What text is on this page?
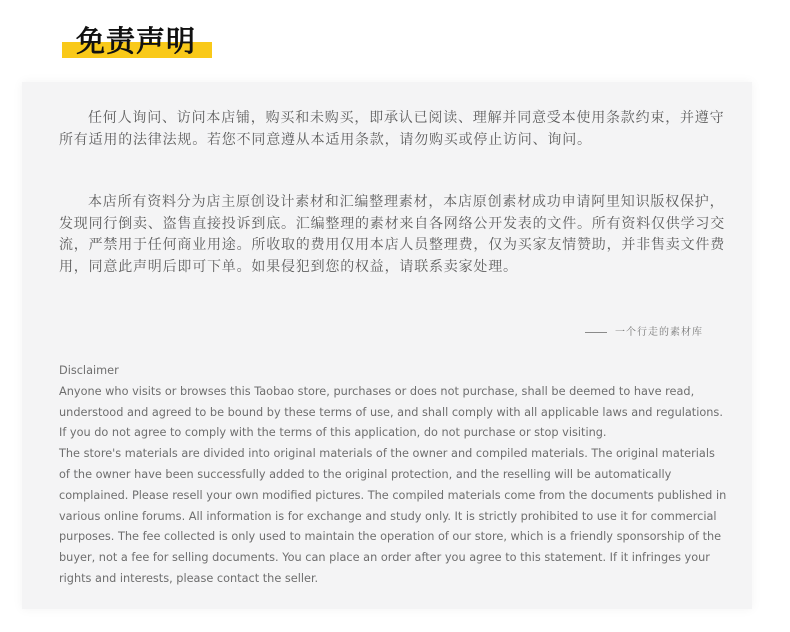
免责声明

任何人询问、访问本店铺，购买和未购买，即承认已阅读、理解并同意受本使用条款约束，并遵守所有适用的法律法规。若您不同意遵从本适用条款，请勿购买或停止访问、询问。

本店所有资料分为店主原创设计素材和汇编整理素材，本店原创素材成功申请阿里知识版权保护，发现同行倒卖、盗售直接投诉到底。汇编整理的素材来自各网络公开发表的文件。所有资料仅供学习交流，严禁用于任何商业用途。所收取的费用仅用本店人员整理费，仅为买家友情赞助，并非售卖文件费用，同意此声明后即可下单。如果侵犯到您的权益，请联系卖家处理。

一个行走的素材库

Disclaimer

Anyone who visits or browses this Taobao store, purchases or does not purchase, shall be deemed to have read, understood and agreed to be bound by these terms of use, and shall comply with all applicable laws and regulations. If you do not agree to comply with the terms of this application, do not purchase or stop visiting.

The store's materials are divided into original materials of the owner and compiled materials. The original materials of the owner have been successfully added to the original protection, and the reselling will be automatically complained. Please resell your own modified pictures. The compiled materials come from the documents published in various online forums. All information is for exchange and study only. It is strictly prohibited to use it for commercial purposes. The fee collected is only used to maintain the operation of our store, which is a friendly sponsorship of the buyer, not a fee for selling documents. You can place an order after you agree to this statement. If it infringes your rights and interests, please contact the seller.
